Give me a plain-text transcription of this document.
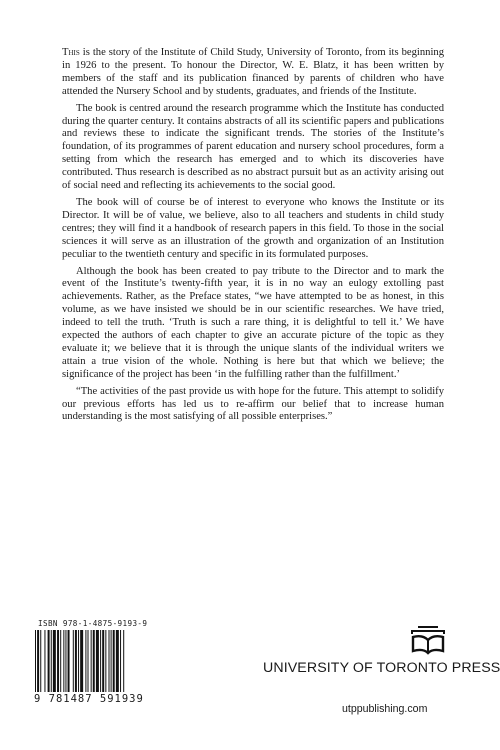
This is the story of the Institute of Child Study, University of Toronto, from its beginning in 1926 to the present. To honour the Director, W. E. Blatz, it has been written by members of the staff and its publication financed by parents of children who have attended the Nursery School and by students, graduates, and friends of the Institute.

The book is centred around the research programme which the Institute has conducted during the quarter century. It contains abstracts of all its scientific papers and publications and reviews these to indicate the significant trends. The stories of the Institute’s foundation, of its programmes of parent education and nursery school procedures, form a setting from which the research has emerged and to which its discoveries have contributed. Thus research is described as no abstract pursuit but as an activity arising out of social need and reflecting its achievements to the social good.

The book will of course be of interest to everyone who knows the Institute or its Director. It will be of value, we believe, also to all teachers and students in child study centres; they will find it a handbook of research papers in this field. To those in the social sciences it will serve as an illustration of the growth and organization of an Institution peculiar to the twentieth century and specific in its formulated purposes.

Although the book has been created to pay tribute to the Director and to mark the event of the Institute’s twenty-fifth year, it is in no way an eulogy extolling past achievements. Rather, as the Preface states, “we have attempted to be as honest, in this volume, as we have insisted we should be in our scientific researches. We have tried, indeed to tell the truth. ‘Truth is such a rare thing, it is delightful to tell it.’ We have expected the authors of each chapter to give an accurate picture of the topic as they evaluate it; we believe that it is through the unique slants of the individual writers we attain a true vision of the whole. Nothing is here but that which we believe; the significance of the project has been ‘in the fulfilling rather than the fulfillment.’

“The activities of the past provide us with hope for the future. This attempt to solidify our previous efforts has led us to re-affirm our belief that to increase human understanding is the most satisfying of all possible enterprises.”

ISBN 978-1-4875-9193-9
9 781487 591939
UNIVERSITY OF TORONTO PRESS
utppublishing.com
